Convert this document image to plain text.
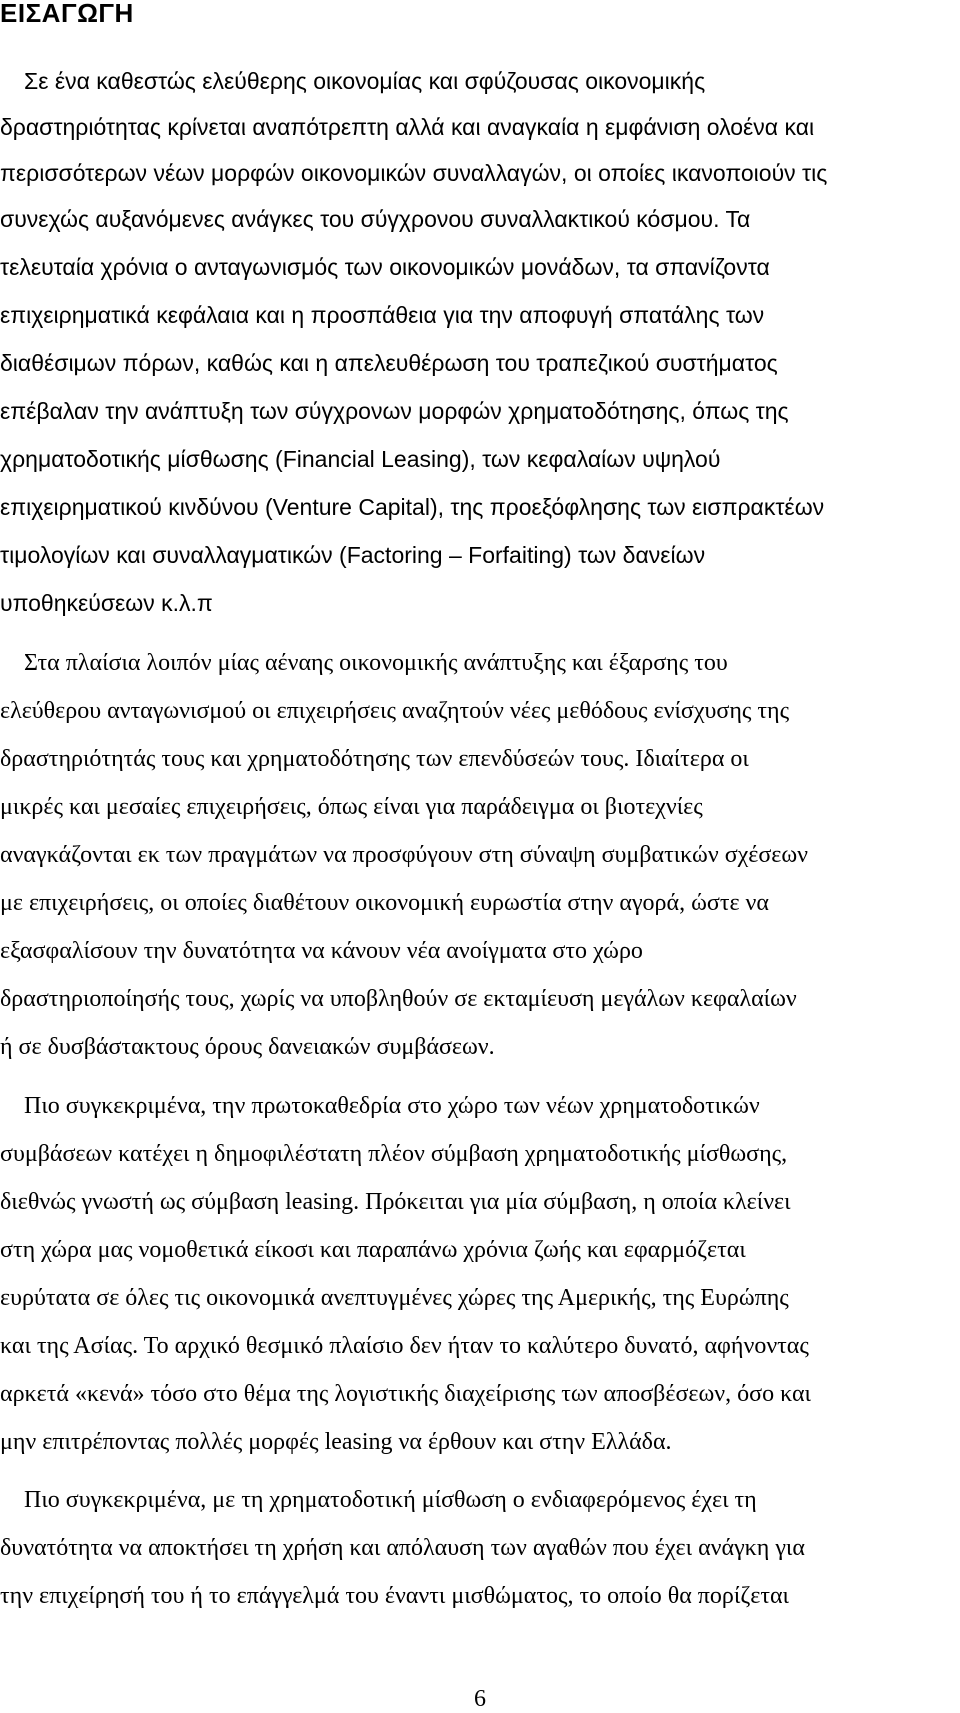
ΕΙΣΑΓΩΓΗ
Σε ένα καθεστώς ελεύθερης οικονομίας και σφύζουσας οικονομικής
δραστηριότητας κρίνεται αναπότρεπτη αλλά και αναγκαία η εμφάνιση ολοένα και
περισσότερων νέων μορφών οικονομικών συναλλαγών, οι οποίες ικανοποιούν τις
συνεχώς αυξανόμενες ανάγκες του σύγχρονου συναλλακτικού κόσμου. Τα
τελευταία χρόνια ο ανταγωνισμός των οικονομικών μονάδων, τα σπανίζοντα
επιχειρηματικά κεφάλαια και η προσπάθεια για την αποφυγή σπατάλης των
διαθέσιμων πόρων, καθώς και η απελευθέρωση του τραπεζικού συστήματος
επέβαλαν την ανάπτυξη των σύγχρονων μορφών χρηματοδότησης, όπως της
χρηματοδοτικής μίσθωσης (Financial Leasing), των κεφαλαίων υψηλού
επιχειρηματικού κινδύνου (Venture Capital), της προεξόφλησης των εισπρακτέων
τιμολογίων και συναλλαγματικών (Factoring – Forfaiting) των δανείων
υποθηκεύσεων κ.λ.π
Στα πλαίσια λοιπόν μίας αέναης οικονομικής ανάπτυξης και έξαρσης του
ελεύθερου ανταγωνισμού οι επιχειρήσεις αναζητούν νέες μεθόδους ενίσχυσης της
δραστηριότητάς τους και χρηματοδότησης των επενδύσεών τους. Ιδιαίτερα οι
μικρές και μεσαίες επιχειρήσεις, όπως είναι για παράδειγμα οι βιοτεχνίες
αναγκάζονται εκ των πραγμάτων να προσφύγουν στη σύναψη συμβατικών σχέσεων
με επιχειρήσεις, οι οποίες διαθέτουν οικονομική ευρωστία στην αγορά, ώστε να
εξασφαλίσουν την δυνατότητα να κάνουν νέα ανοίγματα στο χώρο
δραστηριοποίησής τους, χωρίς να υποβληθούν σε εκταμίευση μεγάλων κεφαλαίων
ή σε δυσβάστακτους όρους δανειακών συμβάσεων.
Πιο συγκεκριμένα, την πρωτοκαθεδρία στο χώρο των νέων χρηματοδοτικών
συμβάσεων κατέχει η δημοφιλέστατη πλέον σύμβαση χρηματοδοτικής μίσθωσης,
διεθνώς γνωστή ως σύμβαση leasing. Πρόκειται για μία σύμβαση, η οποία κλείνει
στη χώρα μας νομοθετικά είκοσι και παραπάνω χρόνια ζωής και εφαρμόζεται
ευρύτατα σε όλες τις οικονομικά ανεπτυγμένες χώρες της Αμερικής, της Ευρώπης
και της Ασίας. Το αρχικό θεσμικό πλαίσιο δεν ήταν το καλύτερο δυνατό, αφήνοντας
αρκετά «κενά» τόσο στο θέμα της λογιστικής διαχείρισης των αποσβέσεων, όσο και
μην επιτρέποντας πολλές μορφές leasing να έρθουν και στην Ελλάδα.
Πιο συγκεκριμένα, με τη χρηματοδοτική μίσθωση ο ενδιαφερόμενος έχει τη
δυνατότητα να αποκτήσει τη χρήση και απόλαυση των αγαθών που έχει ανάγκη για
την επιχείρησή του ή το επάγγελμά του έναντι μισθώματος, το οποίο θα πορίζεται
6
